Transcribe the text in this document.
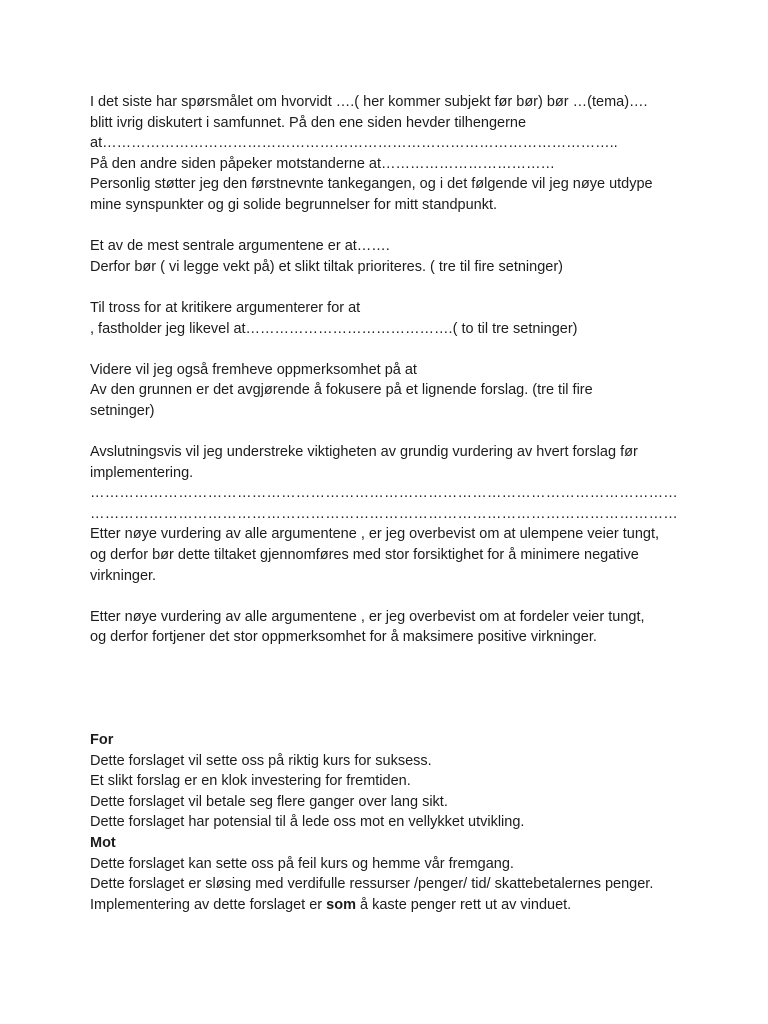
I det siste har spørsmålet om hvorvidt ….( her kommer subjekt før bør) bør …(tema)….
blitt ivrig diskutert i samfunnet. På den ene siden hevder tilhengerne
at……………………………………………………………………………………………..
På den andre siden påpeker motstanderne at………………………………
Personlig støtter jeg den førstnevnte tankegangen, og i det følgende vil jeg nøye utdype
mine synspunkter og gi solide begrunnelser for mitt standpunkt.
Et av de mest sentrale argumentene er at…….
Derfor bør ( vi legge vekt på) et slikt tiltak prioriteres. ( tre til fire setninger)
Til tross for at kritikere argumenterer for at
, fastholder jeg likevel at…………………………………….( to til tre setninger)
Videre vil jeg også fremheve oppmerksomhet på at
Av den grunnen er det avgjørende å fokusere på et lignende forslag. (tre til fire
setninger)
Avslutningsvis vil jeg understreke viktigheten av grundig vurdering av hvert forslag før
implementering.
…………………………………………………………………………………………………………
…………………………………………………………………………………………………………
Etter nøye vurdering av alle argumentene , er jeg overbevist om at ulempene veier tungt,
og derfor bør dette tiltaket gjennomføres med stor forsiktighet for å minimere negative
virkninger.
Etter nøye vurdering av alle argumentene , er jeg overbevist om at fordeler veier tungt,
og derfor fortjener det stor oppmerksomhet for å maksimere positive virkninger.
For
Dette forslaget vil sette oss på riktig kurs for suksess.
Et slikt forslag er en klok investering for fremtiden.
Dette forslaget vil betale seg flere ganger over lang sikt.
Dette forslaget har potensial til å lede oss mot en vellykket utvikling.
Mot
Dette forslaget kan sette oss på feil kurs og hemme vår fremgang.
Dette forslaget er sløsing med verdifulle ressurser /penger/ tid/ skattebetalernes penger.
Implementering av dette forslaget er som å kaste penger rett ut av vinduet.
